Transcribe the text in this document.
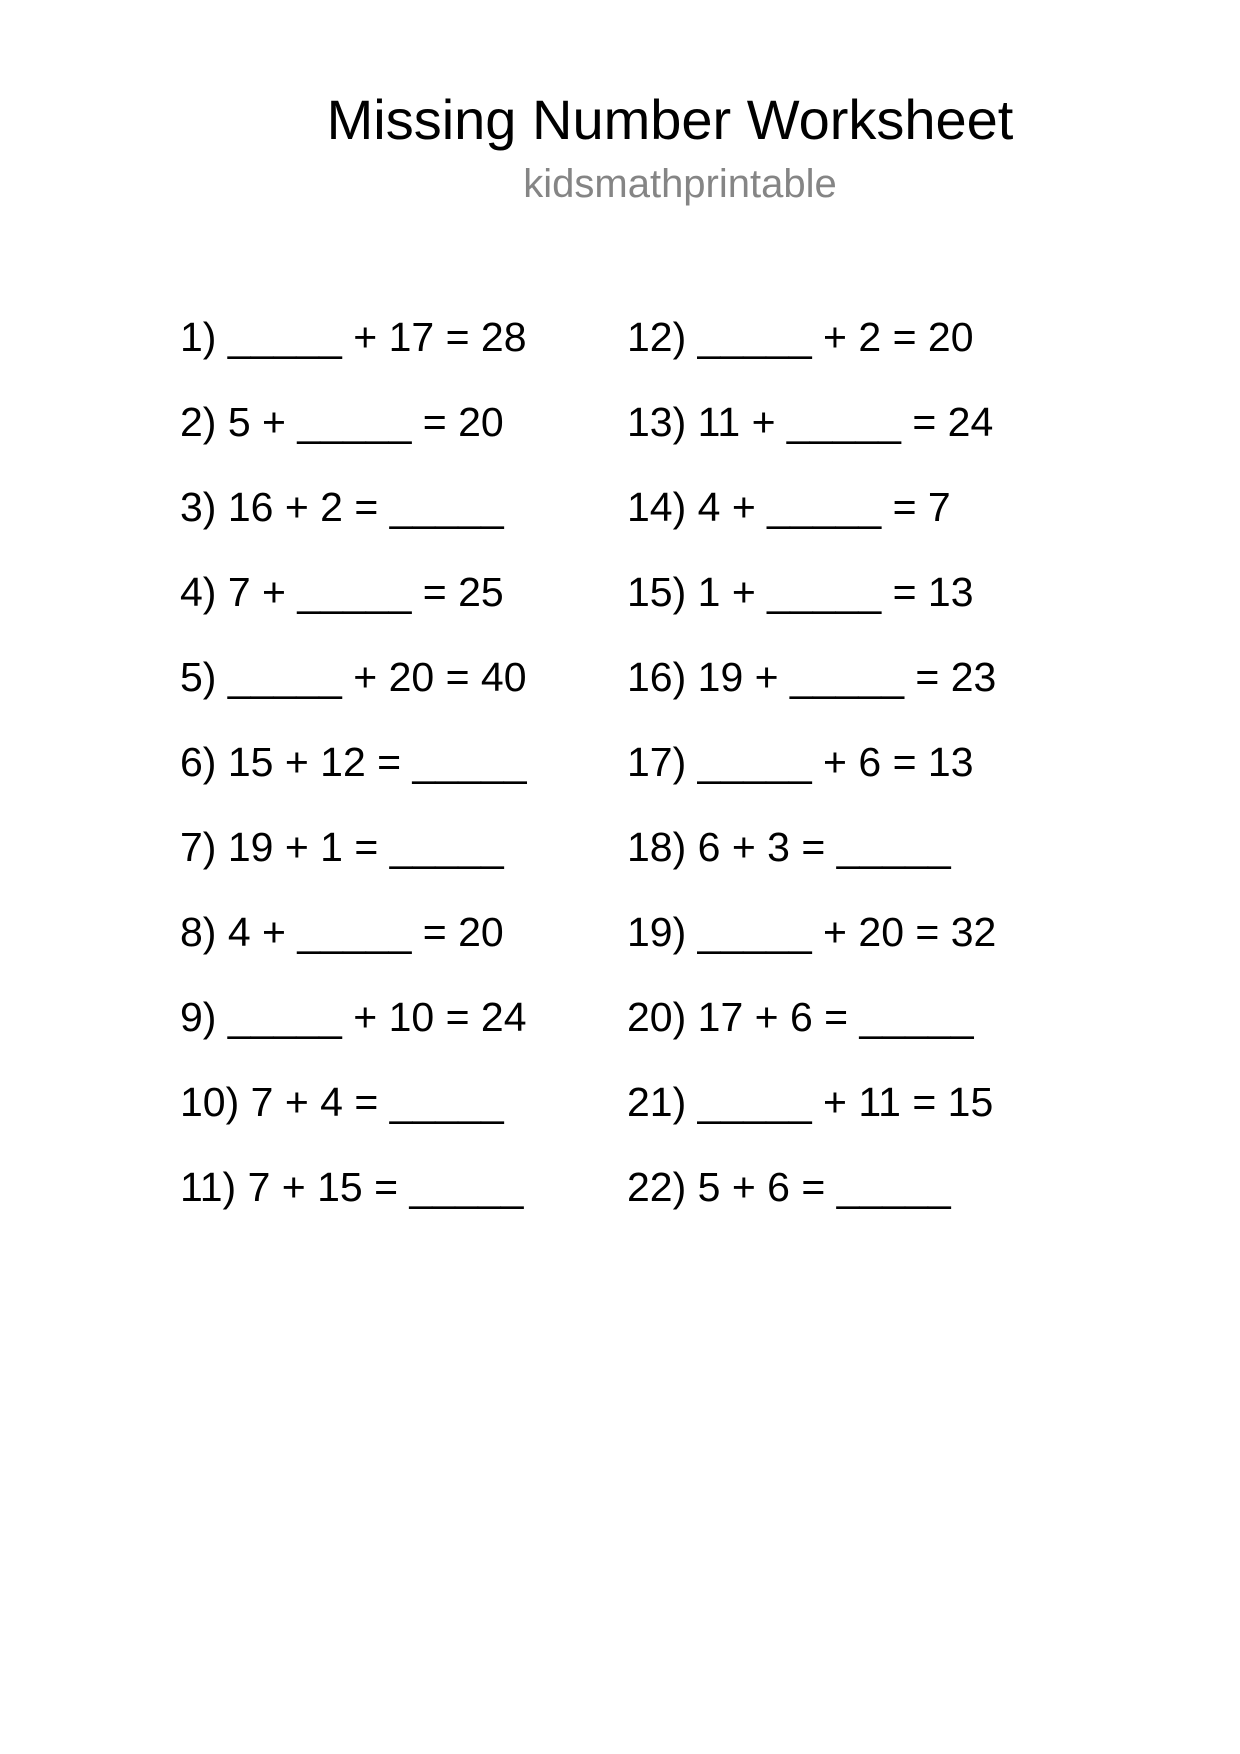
Missing Number Worksheet
kidsmathprintable
1) _____ + 17 = 28
2) 5 + _____ = 20
3) 16 + 2 = _____
4) 7 + _____ = 25
5) _____ + 20 = 40
6) 15 + 12 = _____
7) 19 + 1 = _____
8) 4 + _____ = 20
9) _____ + 10 = 24
10) 7 + 4 = _____
11) 7 + 15 = _____
12) _____ + 2 = 20
13) 11 + _____ = 24
14) 4 + _____ = 7
15) 1 + _____ = 13
16) 19 + _____ = 23
17) _____ + 6 = 13
18) 6 + 3 = _____
19) _____ + 20 = 32
20) 17 + 6 = _____
21) _____ + 11 = 15
22) 5 + 6 = _____
